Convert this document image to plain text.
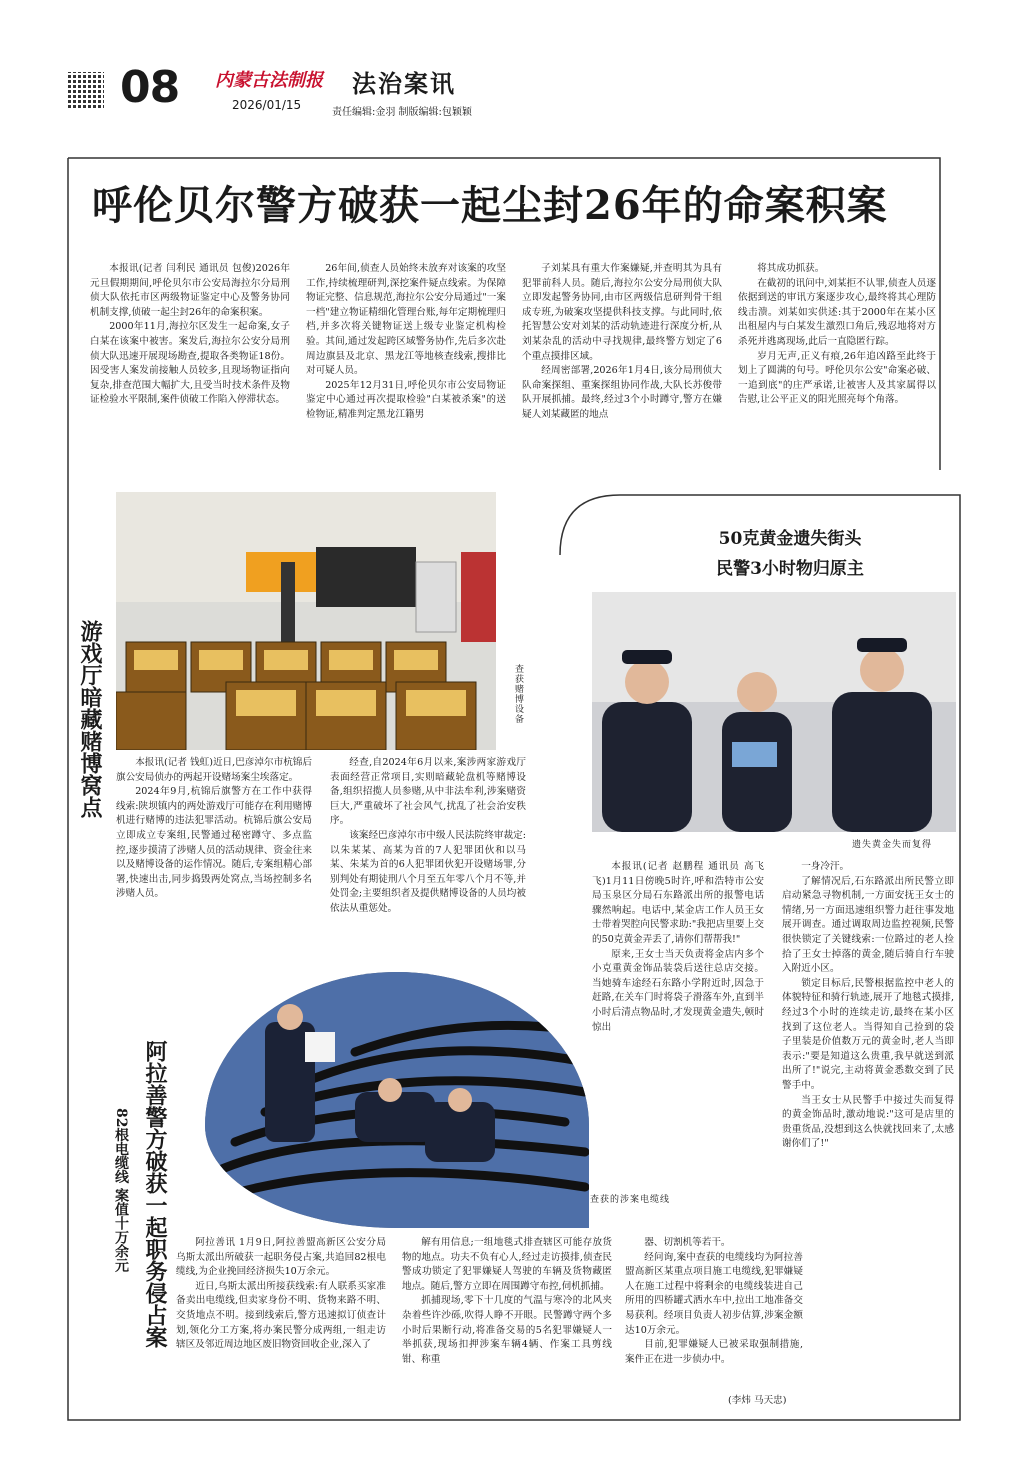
08 内蒙古法制报
2026/01/15
法治案讯
责任编辑:金羽 制版编辑:包颖颖
呼伦贝尔警方破获一起尘封26年的命案积案

本报讯(记者 闫利民 通讯员 包俊)2026年元旦假期期间,呼伦贝尔市公安局海拉尔分局刑侦大队依托市区两级物证鉴定中心及警务协同机制支撑,侦破一起尘封26年的命案积案。

2000年11月,海拉尔区发生一起命案,女子白某在该案中被害。案发后,海拉尔公安分局刑侦大队迅速开展现场勘查,提取各类物证18份。因受害人案发前接触人员较多,且现场物证指向复杂,排查范围大幅扩大,且受当时技术条件及物证检验水平限制,案件侦破工作陷入停滞状态。

26年间,侦查人员始终未放弃对该案的攻坚工作,持续梳理研判,深挖案件疑点线索。为保障物证完整、信息规范,海拉尔公安分局通过"一案一档"建立物证精细化管理台账,每年定期梳理归档,并多次将关键物证送上级专业鉴定机构检验。其间,通过发起跨区域警务协作,先后多次赴周边旗县及北京、黑龙江等地核查线索,搜排比对可疑人员。

2025年12月31日,呼伦贝尔市公安局物证鉴定中心通过再次提取检验"白某被杀案"的送检物证,精准判定黑龙江籍男

子刘某具有重大作案嫌疑,并查明其为具有犯罪前科人员。随后,海拉尔公安分局刑侦大队立即发起警务协同,由市区两级信息研判骨干组成专班,为破案攻坚提供科技支撑。与此同时,依托智慧公安对刘某的活动轨迹进行深度分析,从刘某杂乱的活动中寻找规律,最终警方划定了6个重点摸排区域。

经周密部署,2026年1月4日,该分局刑侦大队命案探组、重案探组协同作战,大队长苏俊带队开展抓捕。最终,经过3个小时蹲守,警方在嫌疑人刘某藏匿的地点

将其成功抓获。

在截初的讯问中,刘某拒不认罪,侦查人员逐依据到送的审讯方案逐步攻心,最终将其心理防线击溃。刘某如实供述:其于2000年在某小区出租屋内与白某发生激烈口角后,残忍地将对方杀死并逃离现场,此后一直隐匿行踪。

岁月无声,正义有痕,26年追凶路至此终于划上了圆满的句号。呼伦贝尔公安"命案必破、一追到底"的庄严承诺,让被害人及其家属得以告慰,让公平正义的阳光照亮每个角落。

游戏厅暗藏赌博窝点	查获赌博设备

本报讯(记者 钱虹)近日,巴彦淖尔市杭锦后旗公安局侦办的两起开设赌场案尘埃落定。

2024年9月,杭锦后旗警方在工作中获得线索:陕坝镇内的两处游戏厅可能存在利用赌博机进行赌博的违法犯罪活动。杭锦后旗公安局立即成立专案组,民警通过秘密蹲守、多点监控,逐步摸清了涉赌人员的活动规律、资金往来以及赌博设备的运作情况。随后,专案组精心部署,快速出击,同步捣毁两处窝点,当场控制多名涉赌人员。

经查,自2024年6月以来,案涉两家游戏厅表面经营正常项目,实则暗藏轮盘机等赌博设备,组织招揽人员参赌,从中非法牟利,涉案赌资巨大,严重破坏了社会风气,扰乱了社会治安秩序。

该案经巴彦淖尔市中级人民法院终审裁定:以朱某某、高某为首的7人犯罪团伙和以马某、朱某为首的6人犯罪团伙犯开设赌场罪,分别判处有期徒刑八个月至五年零八个月不等,并处罚金;主要组织者及提供赌博设备的人员均被依法从重惩处。

50克黄金遗失街头
民警3小时物归原主
遗失黄金失而复得

本报讯(记者 赵鹏程 通讯员 高飞飞)1月11日傍晚5时许,呼和浩特市公安局玉泉区分局石东路派出所的报警电话骤然响起。电话中,某金店工作人员王女士带着哭腔向民警求助:"我把店里要上交的50克黄金弄丢了,请你们帮帮我!"

原来,王女士当天负责将金店内多个小克重黄金饰品装袋后送往总店交接。当她骑车途经石东路小学附近时,因急于赶路,在关车门时将袋子滑落车外,直到半小时后清点物品时,才发现黄金遗失,顿时惊出

一身冷汗。

了解情况后,石东路派出所民警立即启动紧急寻物机制,一方面安抚王女士的情绪,另一方面迅速组织警力赶往事发地展开调查。通过调取周边监控视频,民警很快锁定了关键线索:一位路过的老人捡拾了王女士掉落的黄金,随后骑自行车驶入附近小区。

锁定目标后,民警根据监控中老人的体貌特征和骑行轨迹,展开了地毯式摸排,经过3个小时的连续走访,最终在某小区找到了这位老人。当得知自己捡到的袋子里装是价值数万元的黄金时,老人当即表示:"要是知道这么贵重,我早就送到派出所了!"说完,主动将黄金悉数交到了民警手中。

当王女士从民警手中接过失而复得的黄金饰品时,激动地说:"这可是店里的贵重货品,没想到这么快就找回来了,太感谢你们了!"

阿拉善警方破获一起职务侵占案
82根电缆线 案值十万余元	查获的涉案电缆线

阿拉善讯 1月9日,阿拉善盟高新区公安分局乌斯太派出所破获一起职务侵占案,共追回82根电缆线,为企业挽回经济损失10万余元。

近日,乌斯太派出所接获线索:有人联系买家准备卖出电缆线,但卖家身份不明、货物来路不明、交货地点不明。接到线索后,警方迅速拟订侦查计划,领化分工方案,将办案民警分成两组,一组走访辖区及邻近周边地区废旧物资回收企业,深入了

解有用信息;一组地毯式排查辖区可能存放货物的地点。功夫不负有心人,经过走访摸排,侦查民警成功锁定了犯罪嫌疑人驾驶的车辆及货物藏匿地点。随后,警方立即在周围蹲守布控,伺机抓捕。

抓捕现场,零下十几度的气温与寒冷的北风夹杂着些许沙砾,吹得人睁不开眼。民警蹲守两个多小时后果断行动,将准备交易的5名犯罪嫌疑人一举抓获,现场扣押涉案车辆4辆、作案工具剪线钳、称重

器、切割机等若干。

经问询,案中查获的电缆线均为阿拉善盟高新区某重点项目施工电缆线,犯罪嫌疑人在施工过程中将剩余的电缆线装进自己所用的四桥罐式洒水车中,拉出工地准备交易获利。经项目负责人初步估算,涉案金额达10万余元。

目前,犯罪嫌疑人已被采取强制措施,案件正在进一步侦办中。

(李炜 马天忠)
